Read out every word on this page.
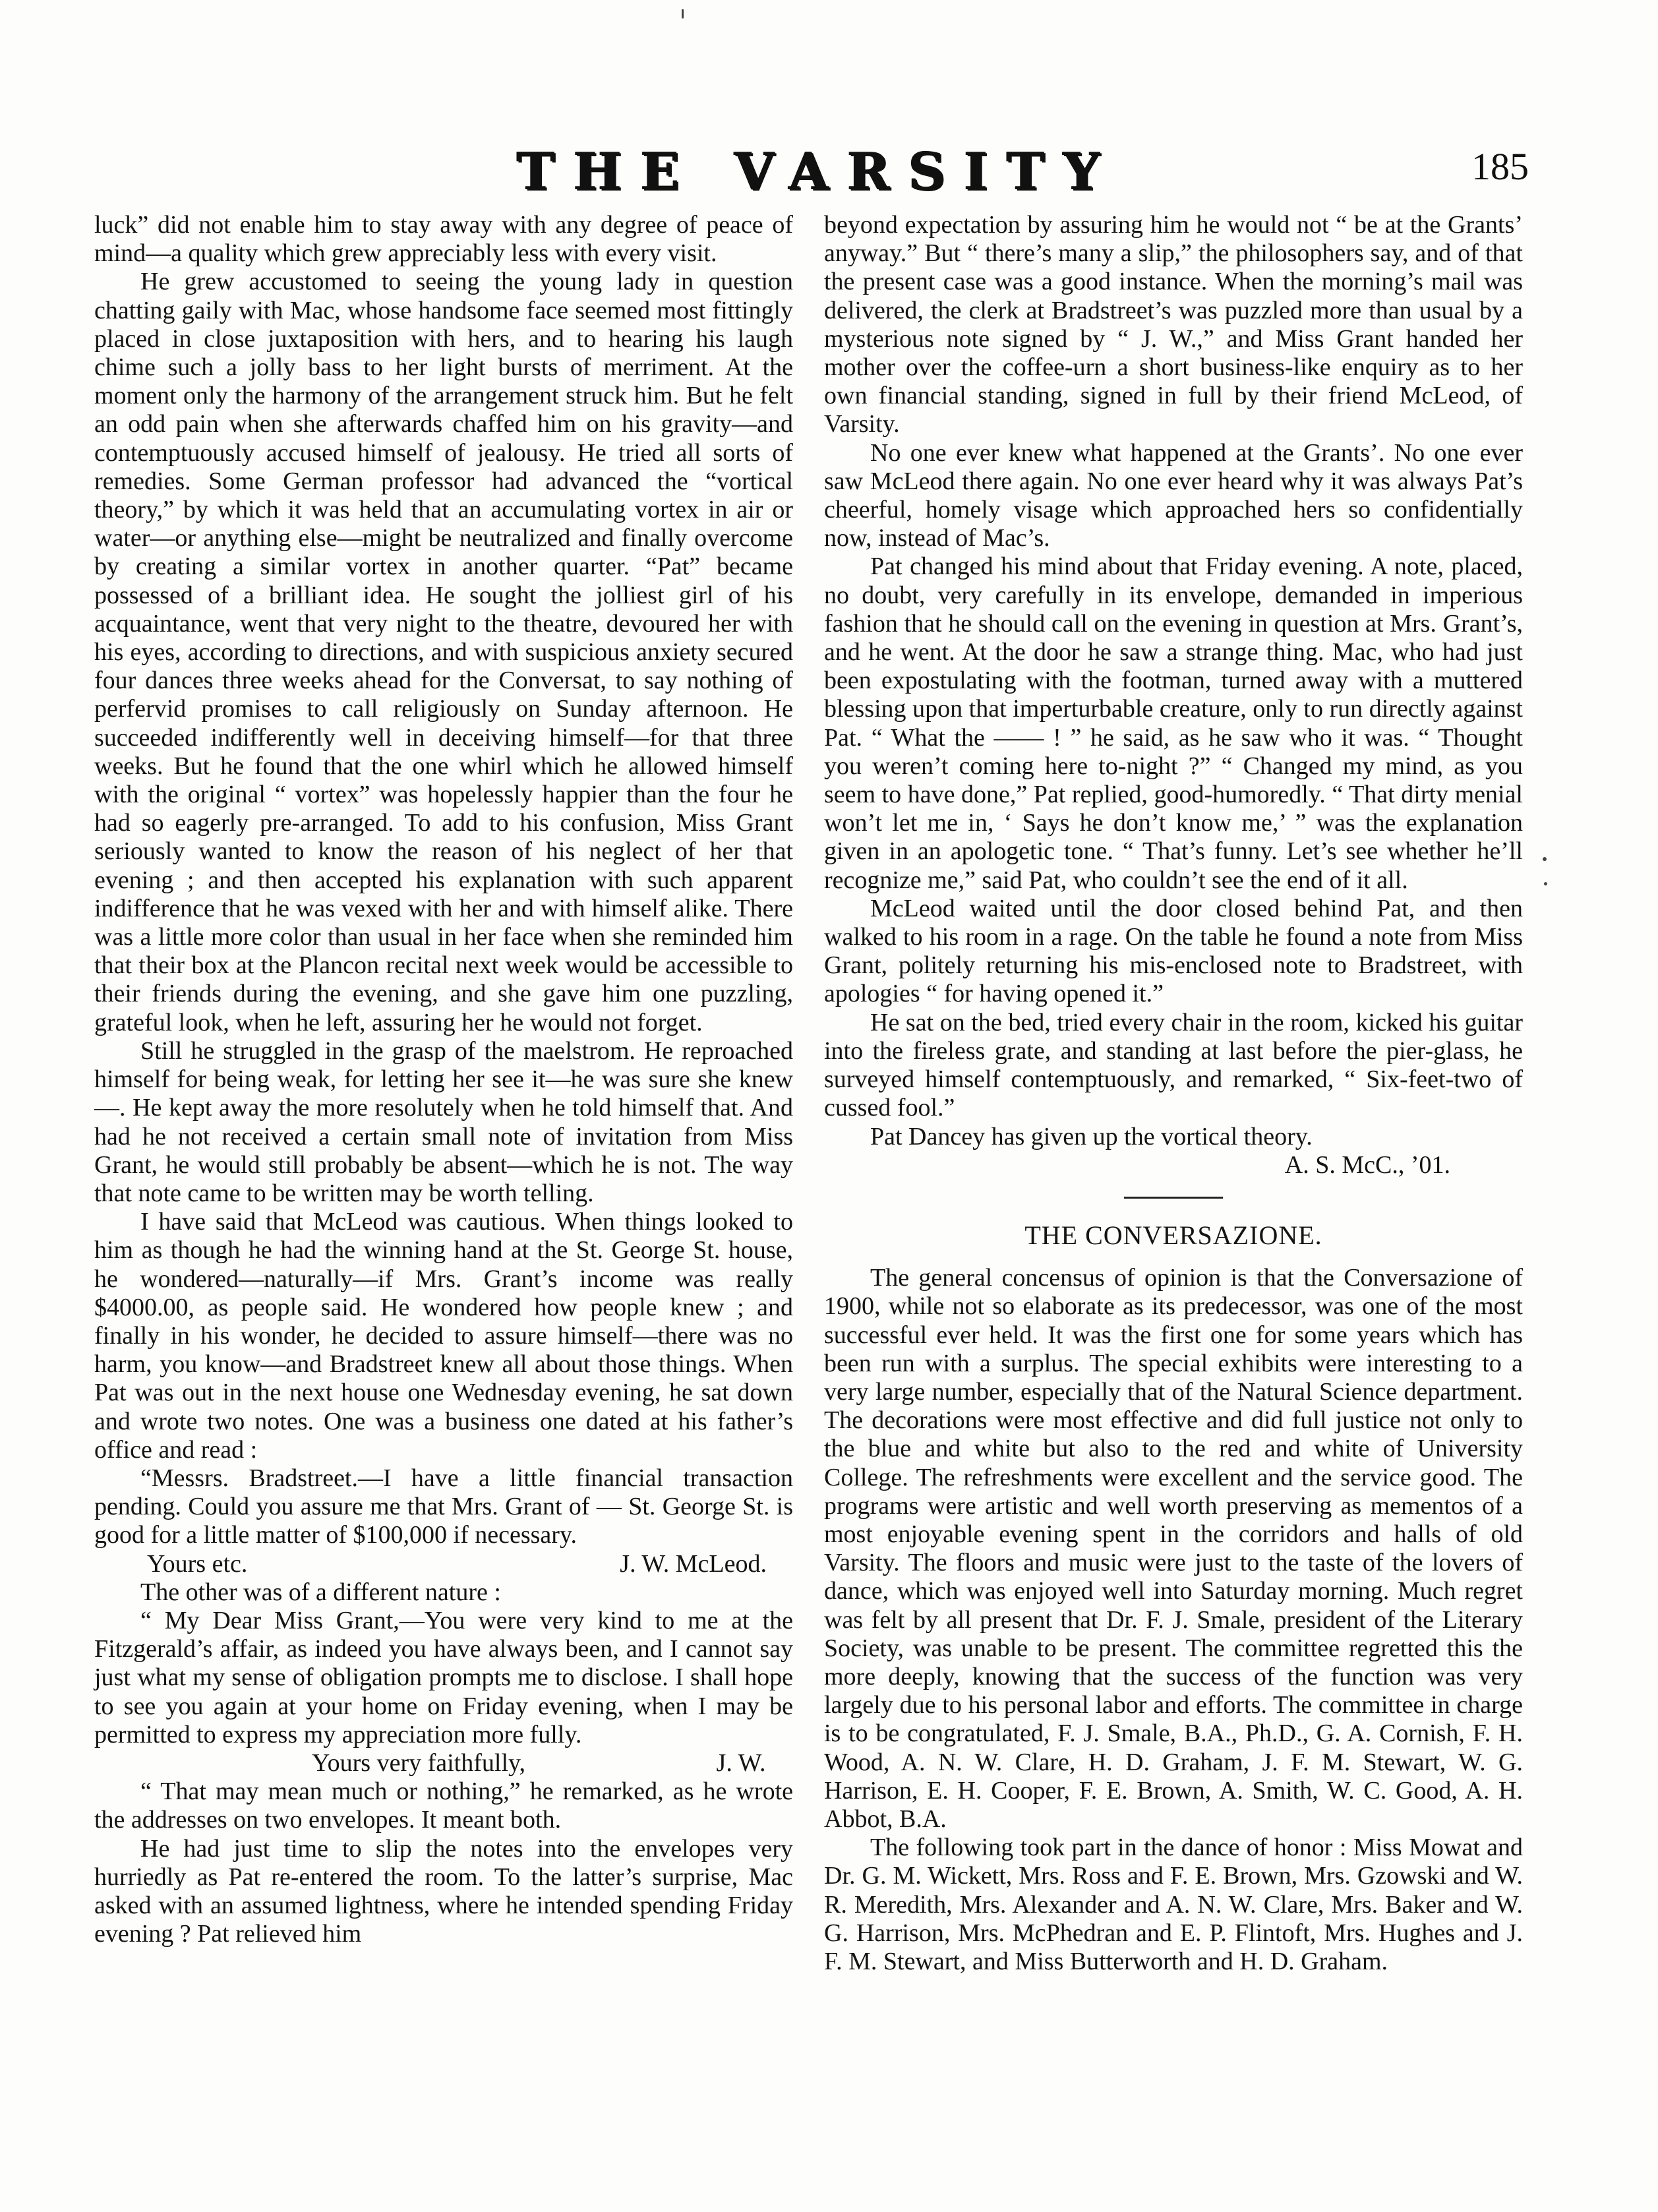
THE VARSITY	185

luck” did not enable him to stay away with any degree of peace of mind—a quality which grew appreciably less with every visit.

He grew accustomed to seeing the young lady in question chatting gaily with Mac, whose handsome face seemed most fittingly placed in close juxtaposition with hers, and to hearing his laugh chime such a jolly bass to her light bursts of merriment. At the moment only the harmony of the arrangement struck him. But he felt an odd pain when she afterwards chaffed him on his gravity—and contemptuously accused himself of jealousy. He tried all sorts of remedies. Some German professor had advanced the “vortical theory,” by which it was held that an accumulating vortex in air or water—or anything else—might be neutralized and finally overcome by creating a similar vortex in another quarter. “Pat” became possessed of a brilliant idea. He sought the jolliest girl of his acquaintance, went that very night to the theatre, devoured her with his eyes, according to directions, and with suspicious anxiety secured four dances three weeks ahead for the Conversat, to say nothing of perfervid promises to call religiously on Sunday afternoon. He succeeded indifferently well in deceiving himself—for that three weeks. But he found that the one whirl which he allowed himself with the original “ vortex” was hopelessly happier than the four he had so eagerly pre-arranged. To add to his confusion, Miss Grant seriously wanted to know the reason of his neglect of her that evening ; and then accepted his explanation with such apparent indifference that he was vexed with her and with himself alike. There was a little more color than usual in her face when she reminded him that their box at the Plancon recital next week would be accessible to their friends during the evening, and she gave him one puzzling, grateful look, when he left, assuring her he would not forget.

Still he struggled in the grasp of the maelstrom. He reproached himself for being weak, for letting her see it—he was sure she knew—. He kept away the more resolutely when he told himself that. And had he not received a certain small note of invitation from Miss Grant, he would still probably be absent—which he is not. The way that note came to be written may be worth telling.

I have said that McLeod was cautious. When things looked to him as though he had the winning hand at the St. George St. house, he wondered—naturally—if Mrs. Grant’s income was really $4000.00, as people said. He wondered how people knew ; and finally in his wonder, he decided to assure himself—there was no harm, you know—and Bradstreet knew all about those things. When Pat was out in the next house one Wednesday evening, he sat down and wrote two notes. One was a business one dated at his father’s office and read :

“Messrs. Bradstreet.—I have a little financial transaction pending. Could you assure me that Mrs. Grant of — St. George St. is good for a little matter of $100,000 if necessary.

Yours etc.	J. W. McLeod.

The other was of a different nature :

“ My Dear Miss Grant,—You were very kind to me at the Fitzgerald’s affair, as indeed you have always been, and I cannot say just what my sense of obligation prompts me to disclose. I shall hope to see you again at your home on Friday evening, when I may be permitted to express my appreciation more fully.

Yours very faithfully,	J. W.

“ That may mean much or nothing,” he remarked, as he wrote the addresses on two envelopes. It meant both.

He had just time to slip the notes into the envelopes very hurriedly as Pat re-entered the room. To the latter’s surprise, Mac asked with an assumed lightness, where he intended spending Friday evening ? Pat relieved him

beyond expectation by assuring him he would not “ be at the Grants’ anyway.” But “ there’s many a slip,” the philosophers say, and of that the present case was a good instance. When the morning’s mail was delivered, the clerk at Bradstreet’s was puzzled more than usual by a mysterious note signed by “ J. W.,” and Miss Grant handed her mother over the coffee-urn a short business-like enquiry as to her own financial standing, signed in full by their friend McLeod, of Varsity.

No one ever knew what happened at the Grants’. No one ever saw McLeod there again. No one ever heard why it was always Pat’s cheerful, homely visage which approached hers so confidentially now, instead of Mac’s.

Pat changed his mind about that Friday evening. A note, placed, no doubt, very carefully in its envelope, demanded in imperious fashion that he should call on the evening in question at Mrs. Grant’s, and he went. At the door he saw a strange thing. Mac, who had just been expostulating with the footman, turned away with a muttered blessing upon that imperturbable creature, only to run directly against Pat. “ What the —— ! ” he said, as he saw who it was. “ Thought you weren’t coming here to-night ?” “ Changed my mind, as you seem to have done,” Pat replied, good-humoredly. “ That dirty menial won’t let me in, ‘ Says he don’t know me,’ ” was the explanation given in an apologetic tone. “ That’s funny. Let’s see whether he’ll recognize me,” said Pat, who couldn’t see the end of it all.

McLeod waited until the door closed behind Pat, and then walked to his room in a rage. On the table he found a note from Miss Grant, politely returning his mis-enclosed note to Bradstreet, with apologies “ for having opened it.”

He sat on the bed, tried every chair in the room, kicked his guitar into the fireless grate, and standing at last before the pier-glass, he surveyed himself contemptuously, and remarked, “ Six-feet-two of cussed fool.”

Pat Dancey has given up the vortical theory.

A. S. McC., ’01.

THE CONVERSAZIONE.

The general concensus of opinion is that the Conversazione of 1900, while not so elaborate as its predecessor, was one of the most successful ever held. It was the first one for some years which has been run with a surplus. The special exhibits were interesting to a very large number, especially that of the Natural Science department. The decorations were most effective and did full justice not only to the blue and white but also to the red and white of University College. The refreshments were excellent and the service good. The programs were artistic and well worth preserving as mementos of a most enjoyable evening spent in the corridors and halls of old Varsity. The floors and music were just to the taste of the lovers of dance, which was enjoyed well into Saturday morning. Much regret was felt by all present that Dr. F. J. Smale, president of the Literary Society, was unable to be present. The committee regretted this the more deeply, knowing that the success of the function was very largely due to his personal labor and efforts. The committee in charge is to be congratulated, F. J. Smale, B.A., Ph.D., G. A. Cornish, F. H. Wood, A. N. W. Clare, H. D. Graham, J. F. M. Stewart, W. G. Harrison, E. H. Cooper, F. E. Brown, A. Smith, W. C. Good, A. H. Abbot, B.A.

The following took part in the dance of honor : Miss Mowat and Dr. G. M. Wickett, Mrs. Ross and F. E. Brown, Mrs. Gzowski and W. R. Meredith, Mrs. Alexander and A. N. W. Clare, Mrs. Baker and W. G. Harrison, Mrs. McPhedran and E. P. Flintoft, Mrs. Hughes and J. F. M. Stewart, and Miss Butterworth and H. D. Graham.
